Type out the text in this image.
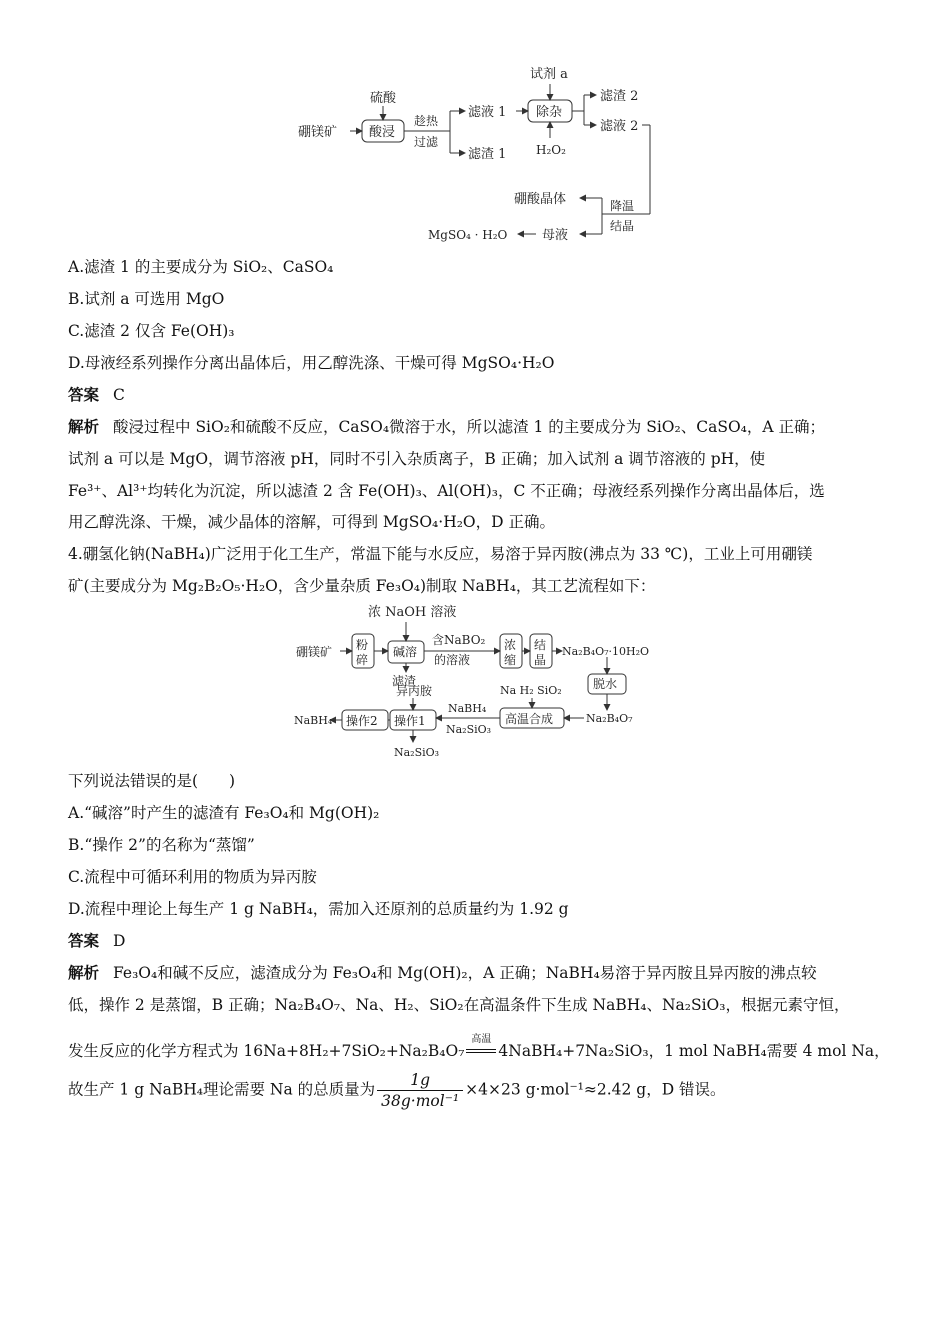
硼镁矿
硫酸
酸浸
趁热
过滤
滤液 1
滤渣 1
试剂 a
除杂
H₂O₂
滤渣 2
滤液 2
硼酸晶体	降温
结晶
母液
MgSO₄ · H₂O
A.滤渣 1 的主要成分为 SiO₂、CaSO₄
B.试剂 a 可选用 MgO
C.滤渣 2 仅含 Fe(OH)₃
D.母液经系列操作分离出晶体后，用乙醇洗涤、干燥可得 MgSO₄·H₂O
答案 C
解析 酸浸过程中 SiO₂和硫酸不反应，CaSO₄微溶于水，所以滤渣 1 的主要成分为 SiO₂、CaSO₄，A 正确；
试剂 a 可以是 MgO，调节溶液 pH，同时不引入杂质离子，B 正确；加入试剂 a 调节溶液的 pH，使
Fe³⁺、Al³⁺均转化为沉淀，所以滤渣 2 含 Fe(OH)₃、Al(OH)₃，C 不正确；母液经系列操作分离出晶体后，选
用乙醇洗涤、干燥，减少晶体的溶解，可得到 MgSO₄·H₂O，D 正确。
4.硼氢化钠(NaBH₄)广泛用于化工生产，常温下能与水反应，易溶于异丙胺(沸点为 33 ℃)，工业上可用硼镁
矿(主要成分为 Mg₂B₂O₅·H₂O，含少量杂质 Fe₃O₄)制取 NaBH₄，其工艺流程如下：
浓 NaOH 溶液
硼镁矿 粉
碎
碱溶
滤渣
含NaBO₂
的溶液
浓
缩
结
晶
Na₂B₄O₇·10H₂O
脱水
Na₂B₄O₇
Na H₂ SiO₂
高温合成
NaBH₄
Na₂SiO₃
异丙胺
操作1
操作2
NaBH₄
Na₂SiO₃
下列说法错误的是(　　)
A.“碱溶”时产生的滤渣有 Fe₃O₄和 Mg(OH)₂
B.“操作 2”的名称为“蒸馏”
C.流程中可循环利用的物质为异丙胺
D.流程中理论上每生产 1 g NaBH₄，需加入还原剂的总质量约为 1.92 g
答案 D
解析 Fe₃O₄和碱不反应，滤渣成分为 Fe₃O₄和 Mg(OH)₂，A 正确；NaBH₄易溶于异丙胺且异丙胺的沸点较
低，操作 2 是蒸馏，B 正确；Na₂B₄O₇、Na、H₂、SiO₂在高温条件下生成 NaBH₄、Na₂SiO₃，根据元素守恒，
发生反应的化学方程式为 16Na+8H₂+7SiO₂+Na₂B₄O₇
高温
4NaBH₄+7Na₂SiO₃，1 mol NaBH₄需要 4 mol Na，
故生产 1 g NaBH₄理论需要 Na 的总质量为 $\frac{1g}{\text{38g·mol⁻¹}} \times 4\times 23$ g·mol⁻¹≈2.42 g，D 错误。
